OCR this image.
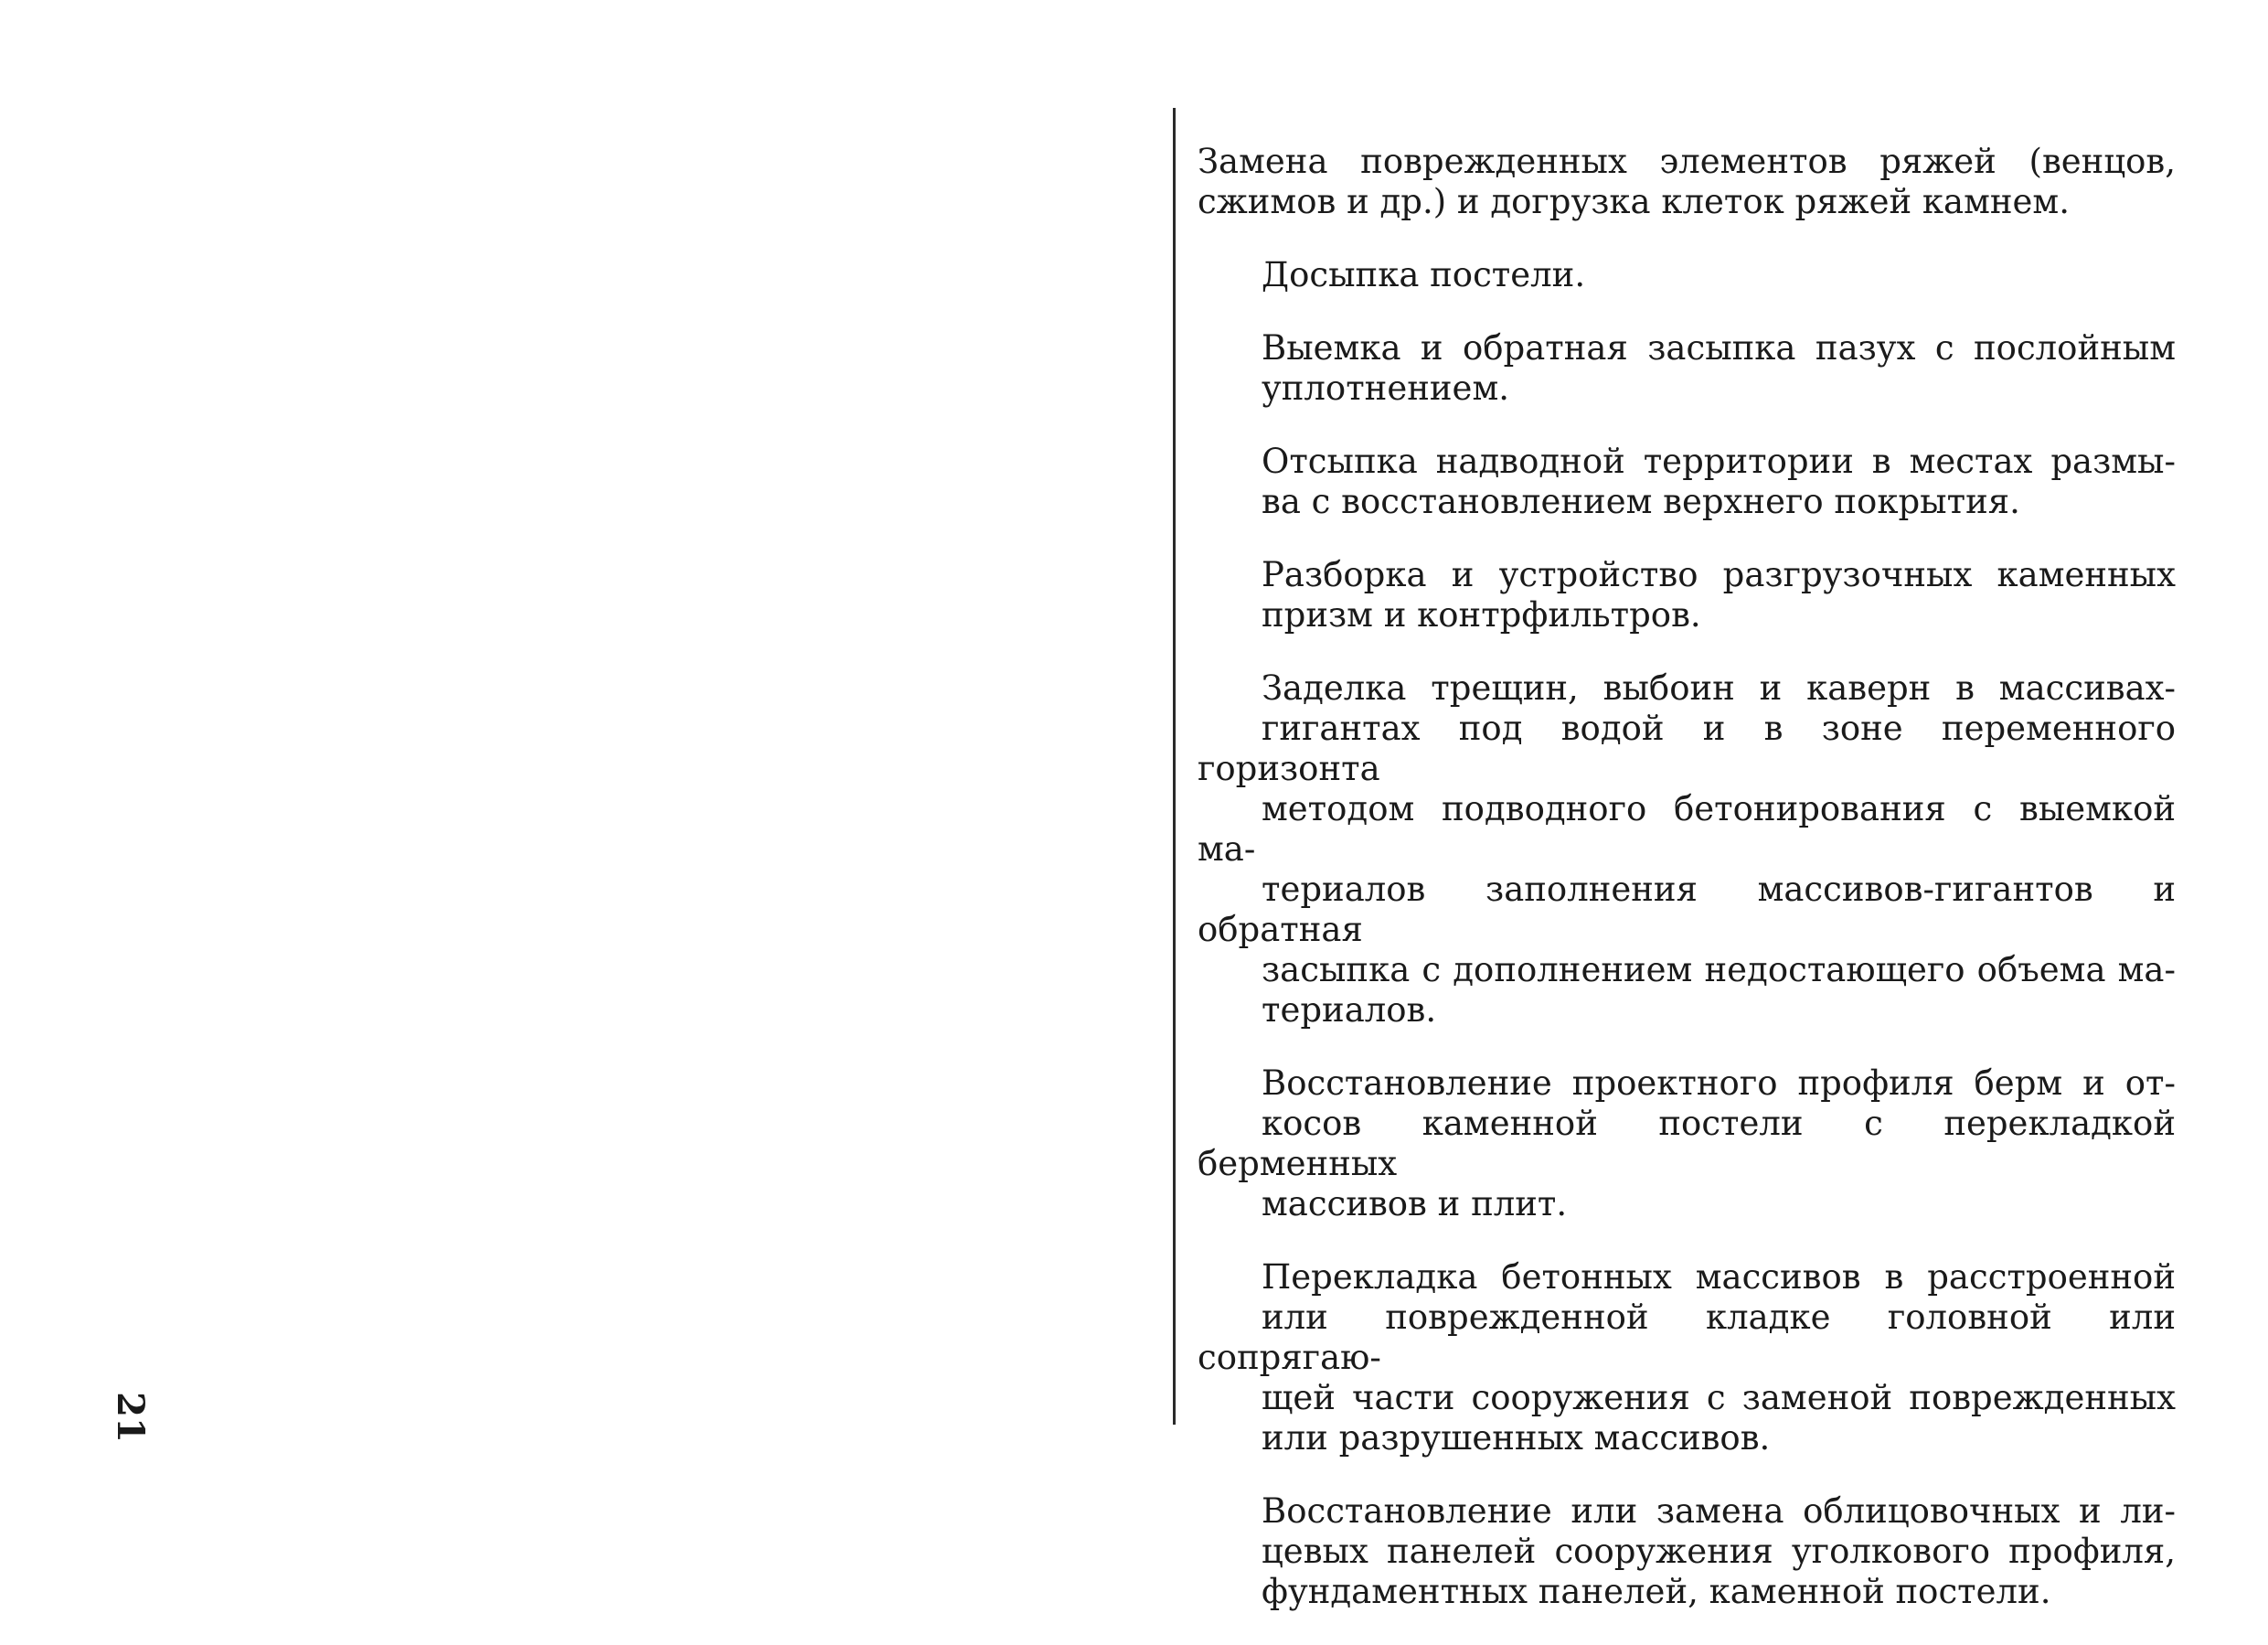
21

Замена поврежденных элементов ряжей (венцов,
сжимов и др.) и догрузка клеток ряжей камнем.

Досыпка постели.

Выемка и обратная засыпка пазух с послойным
уплотнением.

Отсыпка надводной территории в местах размы-
ва с восстановлением верхнего покрытия.

Разборка и устройство разгрузочных каменных
призм и контрфильтров.

Заделка трещин, выбоин и каверн в массивах-
гигантах под водой и в зоне переменного горизонта
методом подводного бетонирования с выемкой ма-
териалов заполнения массивов-гигантов и обратная
засыпка с дополнением недостающего объема ма-
териалов.

Восстановление проектного профиля берм и от-
косов каменной постели с перекладкой берменных
массивов и плит.

Перекладка бетонных массивов в расстроенной
или поврежденной кладке головной или сопрягаю-
щей части сооружения с заменой поврежденных
или разрушенных массивов.

Восстановление или замена облицовочных и ли-
цевых панелей сооружения уголкового профиля,
фундаментных панелей, каменной постели.
